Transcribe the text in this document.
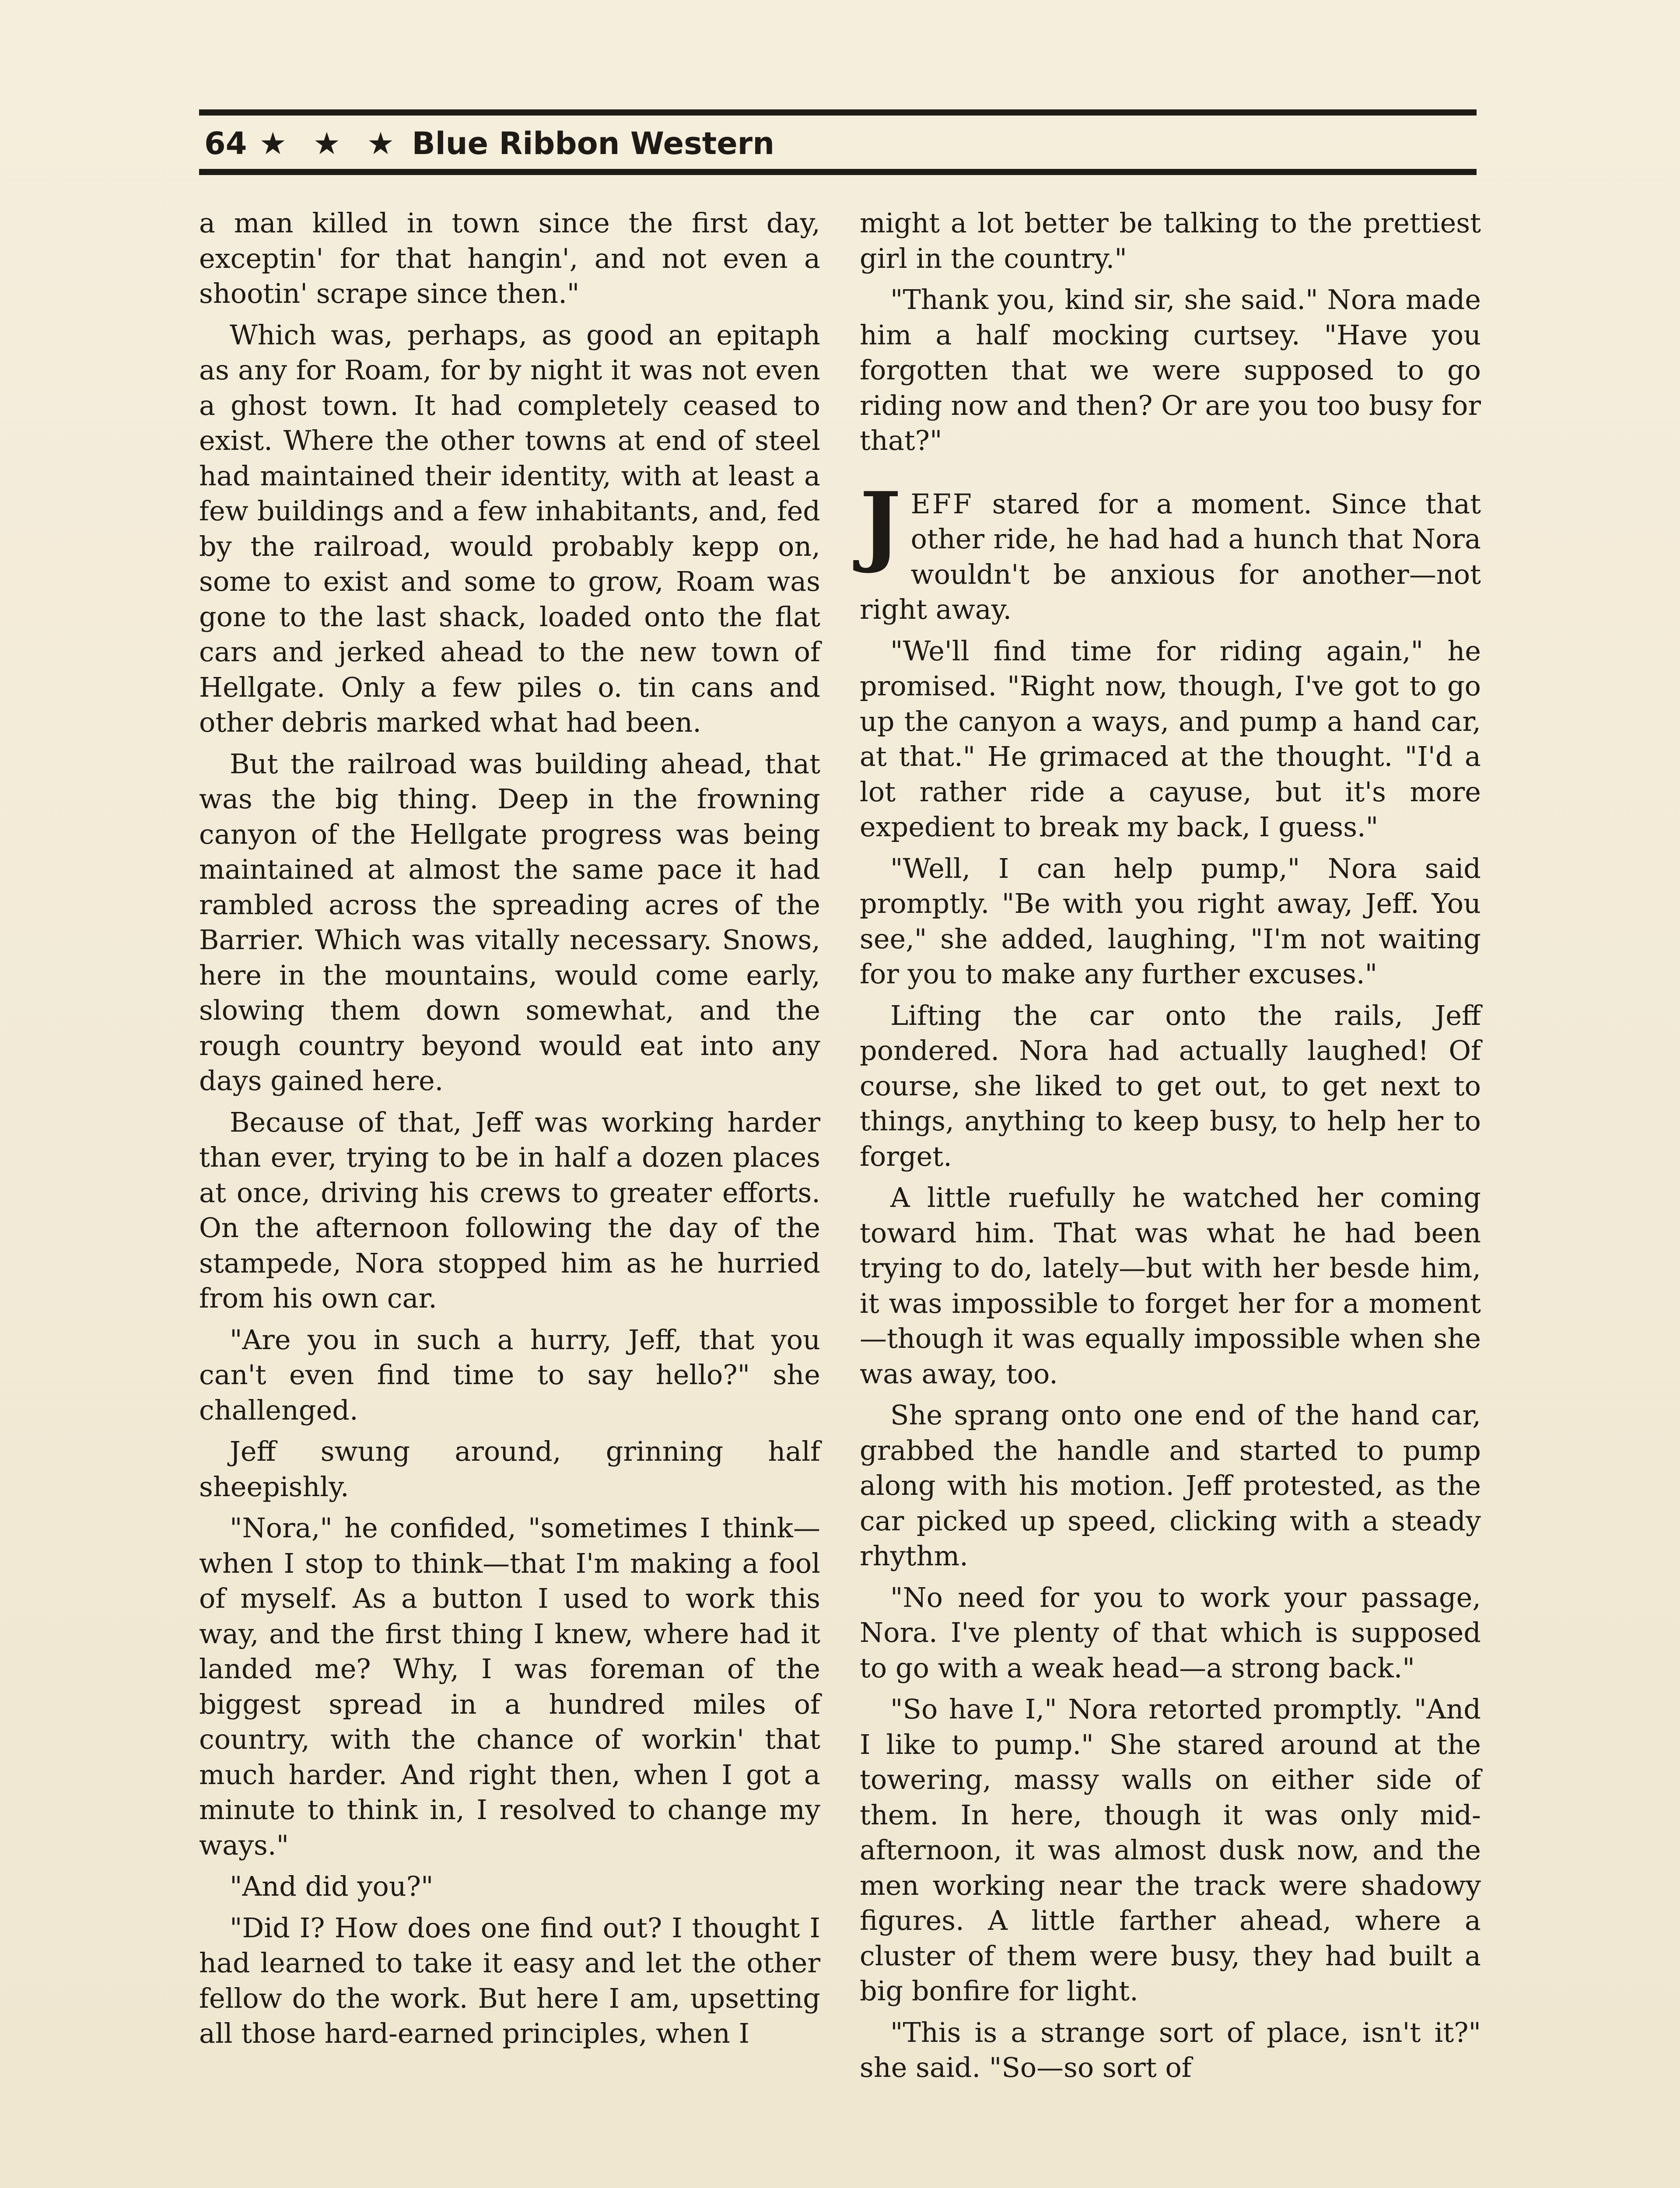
64 ★ ★ ★ Blue Ribbon Western

a man killed in town since the first day, exceptin' for that hangin', and not even a shootin' scrape since then."

Which was, perhaps, as good an epitaph as any for Roam, for by night it was not even a ghost town. It had completely ceased to exist. Where the other towns at end of steel had maintained their identity, with at least a few buildings and a few inhabitants, and, fed by the railroad, would probably kepp on, some to exist and some to grow, Roam was gone to the last shack, loaded onto the flat cars and jerked ahead to the new town of Hellgate. Only a few piles o. tin cans and other debris marked what had been.

But the railroad was building ahead, that was the big thing. Deep in the frowning canyon of the Hellgate progress was being maintained at almost the same pace it had rambled across the spreading acres of the Barrier. Which was vitally necessary. Snows, here in the mountains, would come early, slowing them down somewhat, and the rough country beyond would eat into any days gained here.

Because of that, Jeff was working harder than ever, trying to be in half a dozen places at once, driving his crews to greater efforts. On the afternoon following the day of the stampede, Nora stopped him as he hurried from his own car.

"Are you in such a hurry, Jeff, that you can't even find time to say hello?" she challenged.

Jeff swung around, grinning half sheepishly.

"Nora," he confided, "sometimes I think—when I stop to think—that I'm making a fool of myself. As a button I used to work this way, and the first thing I knew, where had it landed me? Why, I was foreman of the biggest spread in a hundred miles of country, with the chance of workin' that much harder. And right then, when I got a minute to think in, I resolved to change my ways."

"And did you?"

"Did I? How does one find out? I thought I had learned to take it easy and let the other fellow do the work. But here I am, upsetting all those hard-earned principles, when I

might a lot better be talking to the prettiest girl in the country."

"Thank you, kind sir, she said." Nora made him a half mocking curtsey. "Have you forgotten that we were supposed to go riding now and then? Or are you too busy for that?"

JEFF stared for a moment. Since that other ride, he had had a hunch that Nora wouldn't be anxious for another—not right away.

"We'll find time for riding again," he promised. "Right now, though, I've got to go up the canyon a ways, and pump a hand car, at that." He grimaced at the thought. "I'd a lot rather ride a cayuse, but it's more expedient to break my back, I guess."

"Well, I can help pump," Nora said promptly. "Be with you right away, Jeff. You see," she added, laughing, "I'm not waiting for you to make any further excuses."

Lifting the car onto the rails, Jeff pondered. Nora had actually laughed! Of course, she liked to get out, to get next to things, anything to keep busy, to help her to forget.

A little ruefully he watched her coming toward him. That was what he had been trying to do, lately—but with her besde him, it was impossible to forget her for a moment—though it was equally impossible when she was away, too.

She sprang onto one end of the hand car, grabbed the handle and started to pump along with his motion. Jeff protested, as the car picked up speed, clicking with a steady rhythm.

"No need for you to work your passage, Nora. I've plenty of that which is supposed to go with a weak head—a strong back."

"So have I," Nora retorted promptly. "And I like to pump." She stared around at the towering, massy walls on either side of them. In here, though it was only mid-afternoon, it was almost dusk now, and the men working near the track were shadowy figures. A little farther ahead, where a cluster of them were busy, they had built a big bonfire for light.

"This is a strange sort of place, isn't it?" she said. "So—so sort of
